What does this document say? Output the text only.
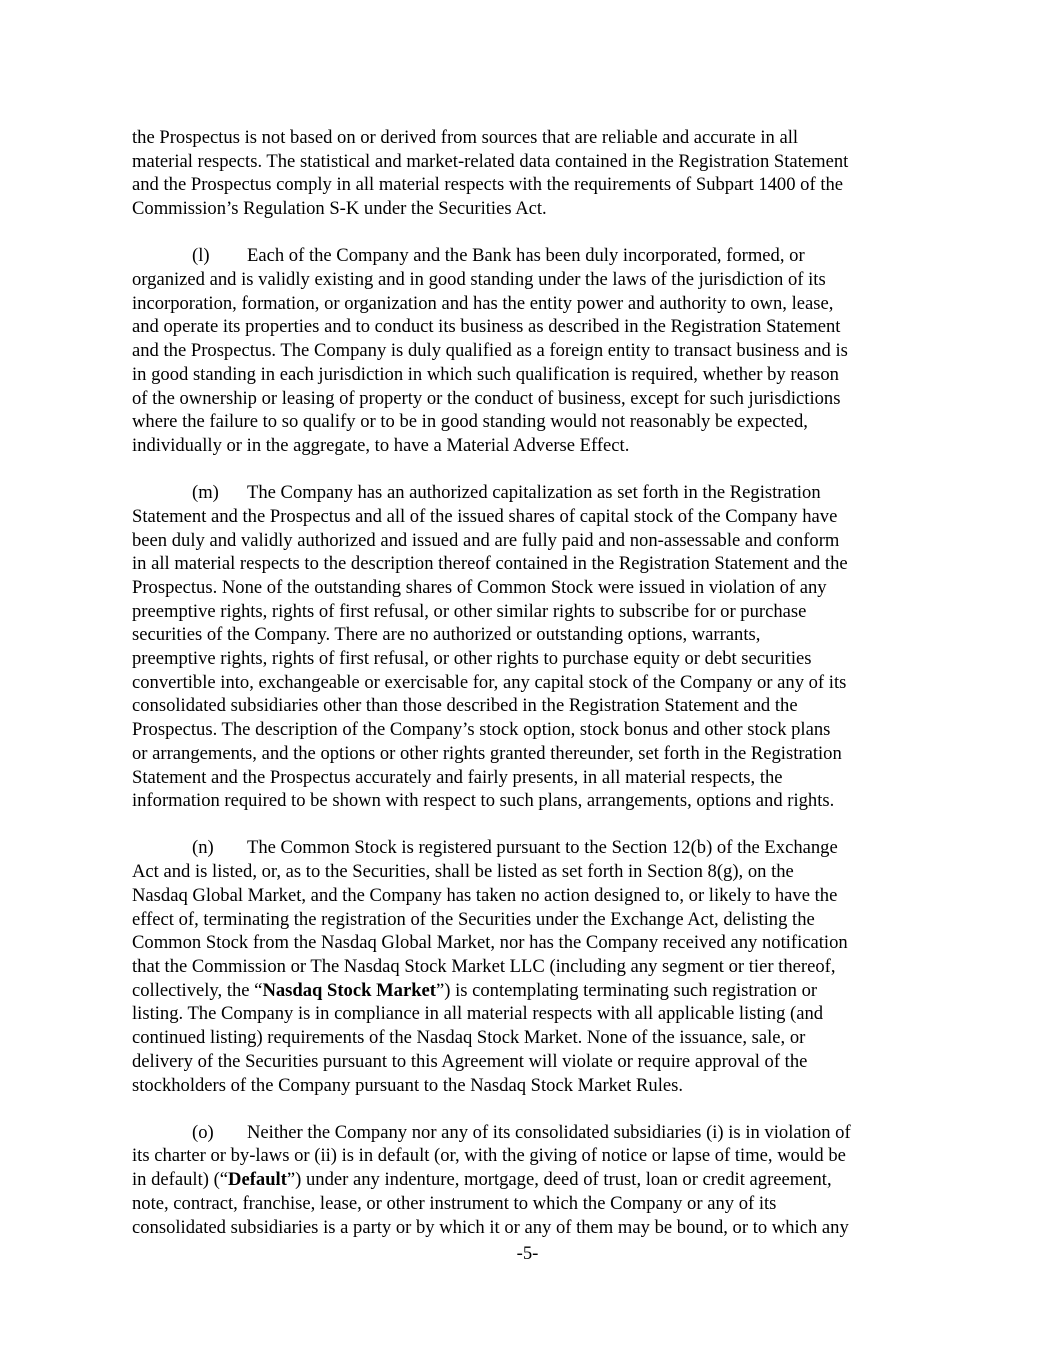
the Prospectus is not based on or derived from sources that are reliable and accurate in all
material respects. The statistical and market-related data contained in the Registration Statement
and the Prospectus comply in all material respects with the requirements of Subpart 1400 of the
Commission’s Regulation S-K under the Securities Act.

(l) Each of the Company and the Bank has been duly incorporated, formed, or
organized and is validly existing and in good standing under the laws of the jurisdiction of its
incorporation, formation, or organization and has the entity power and authority to own, lease,
and operate its properties and to conduct its business as described in the Registration Statement
and the Prospectus. The Company is duly qualified as a foreign entity to transact business and is
in good standing in each jurisdiction in which such qualification is required, whether by reason
of the ownership or leasing of property or the conduct of business, except for such jurisdictions
where the failure to so qualify or to be in good standing would not reasonably be expected,
individually or in the aggregate, to have a Material Adverse Effect.

(m) The Company has an authorized capitalization as set forth in the Registration
Statement and the Prospectus and all of the issued shares of capital stock of the Company have
been duly and validly authorized and issued and are fully paid and non-assessable and conform
in all material respects to the description thereof contained in the Registration Statement and the
Prospectus. None of the outstanding shares of Common Stock were issued in violation of any
preemptive rights, rights of first refusal, or other similar rights to subscribe for or purchase
securities of the Company. There are no authorized or outstanding options, warrants,
preemptive rights, rights of first refusal, or other rights to purchase equity or debt securities
convertible into, exchangeable or exercisable for, any capital stock of the Company or any of its
consolidated subsidiaries other than those described in the Registration Statement and the
Prospectus. The description of the Company’s stock option, stock bonus and other stock plans
or arrangements, and the options or other rights granted thereunder, set forth in the Registration
Statement and the Prospectus accurately and fairly presents, in all material respects, the
information required to be shown with respect to such plans, arrangements, options and rights.

(n) The Common Stock is registered pursuant to the Section 12(b) of the Exchange
Act and is listed, or, as to the Securities, shall be listed as set forth in Section 8(g), on the
Nasdaq Global Market, and the Company has taken no action designed to, or likely to have the
effect of, terminating the registration of the Securities under the Exchange Act, delisting the
Common Stock from the Nasdaq Global Market, nor has the Company received any notification
that the Commission or The Nasdaq Stock Market LLC (including any segment or tier thereof,
collectively, the “Nasdaq Stock Market”) is contemplating terminating such registration or
listing. The Company is in compliance in all material respects with all applicable listing (and
continued listing) requirements of the Nasdaq Stock Market. None of the issuance, sale, or
delivery of the Securities pursuant to this Agreement will violate or require approval of the
stockholders of the Company pursuant to the Nasdaq Stock Market Rules.

(o) Neither the Company nor any of its consolidated subsidiaries (i) is in violation of
its charter or by-laws or (ii) is in default (or, with the giving of notice or lapse of time, would be
in default) (“Default”) under any indenture, mortgage, deed of trust, loan or credit agreement,
note, contract, franchise, lease, or other instrument to which the Company or any of its
consolidated subsidiaries is a party or by which it or any of them may be bound, or to which any

-5-
